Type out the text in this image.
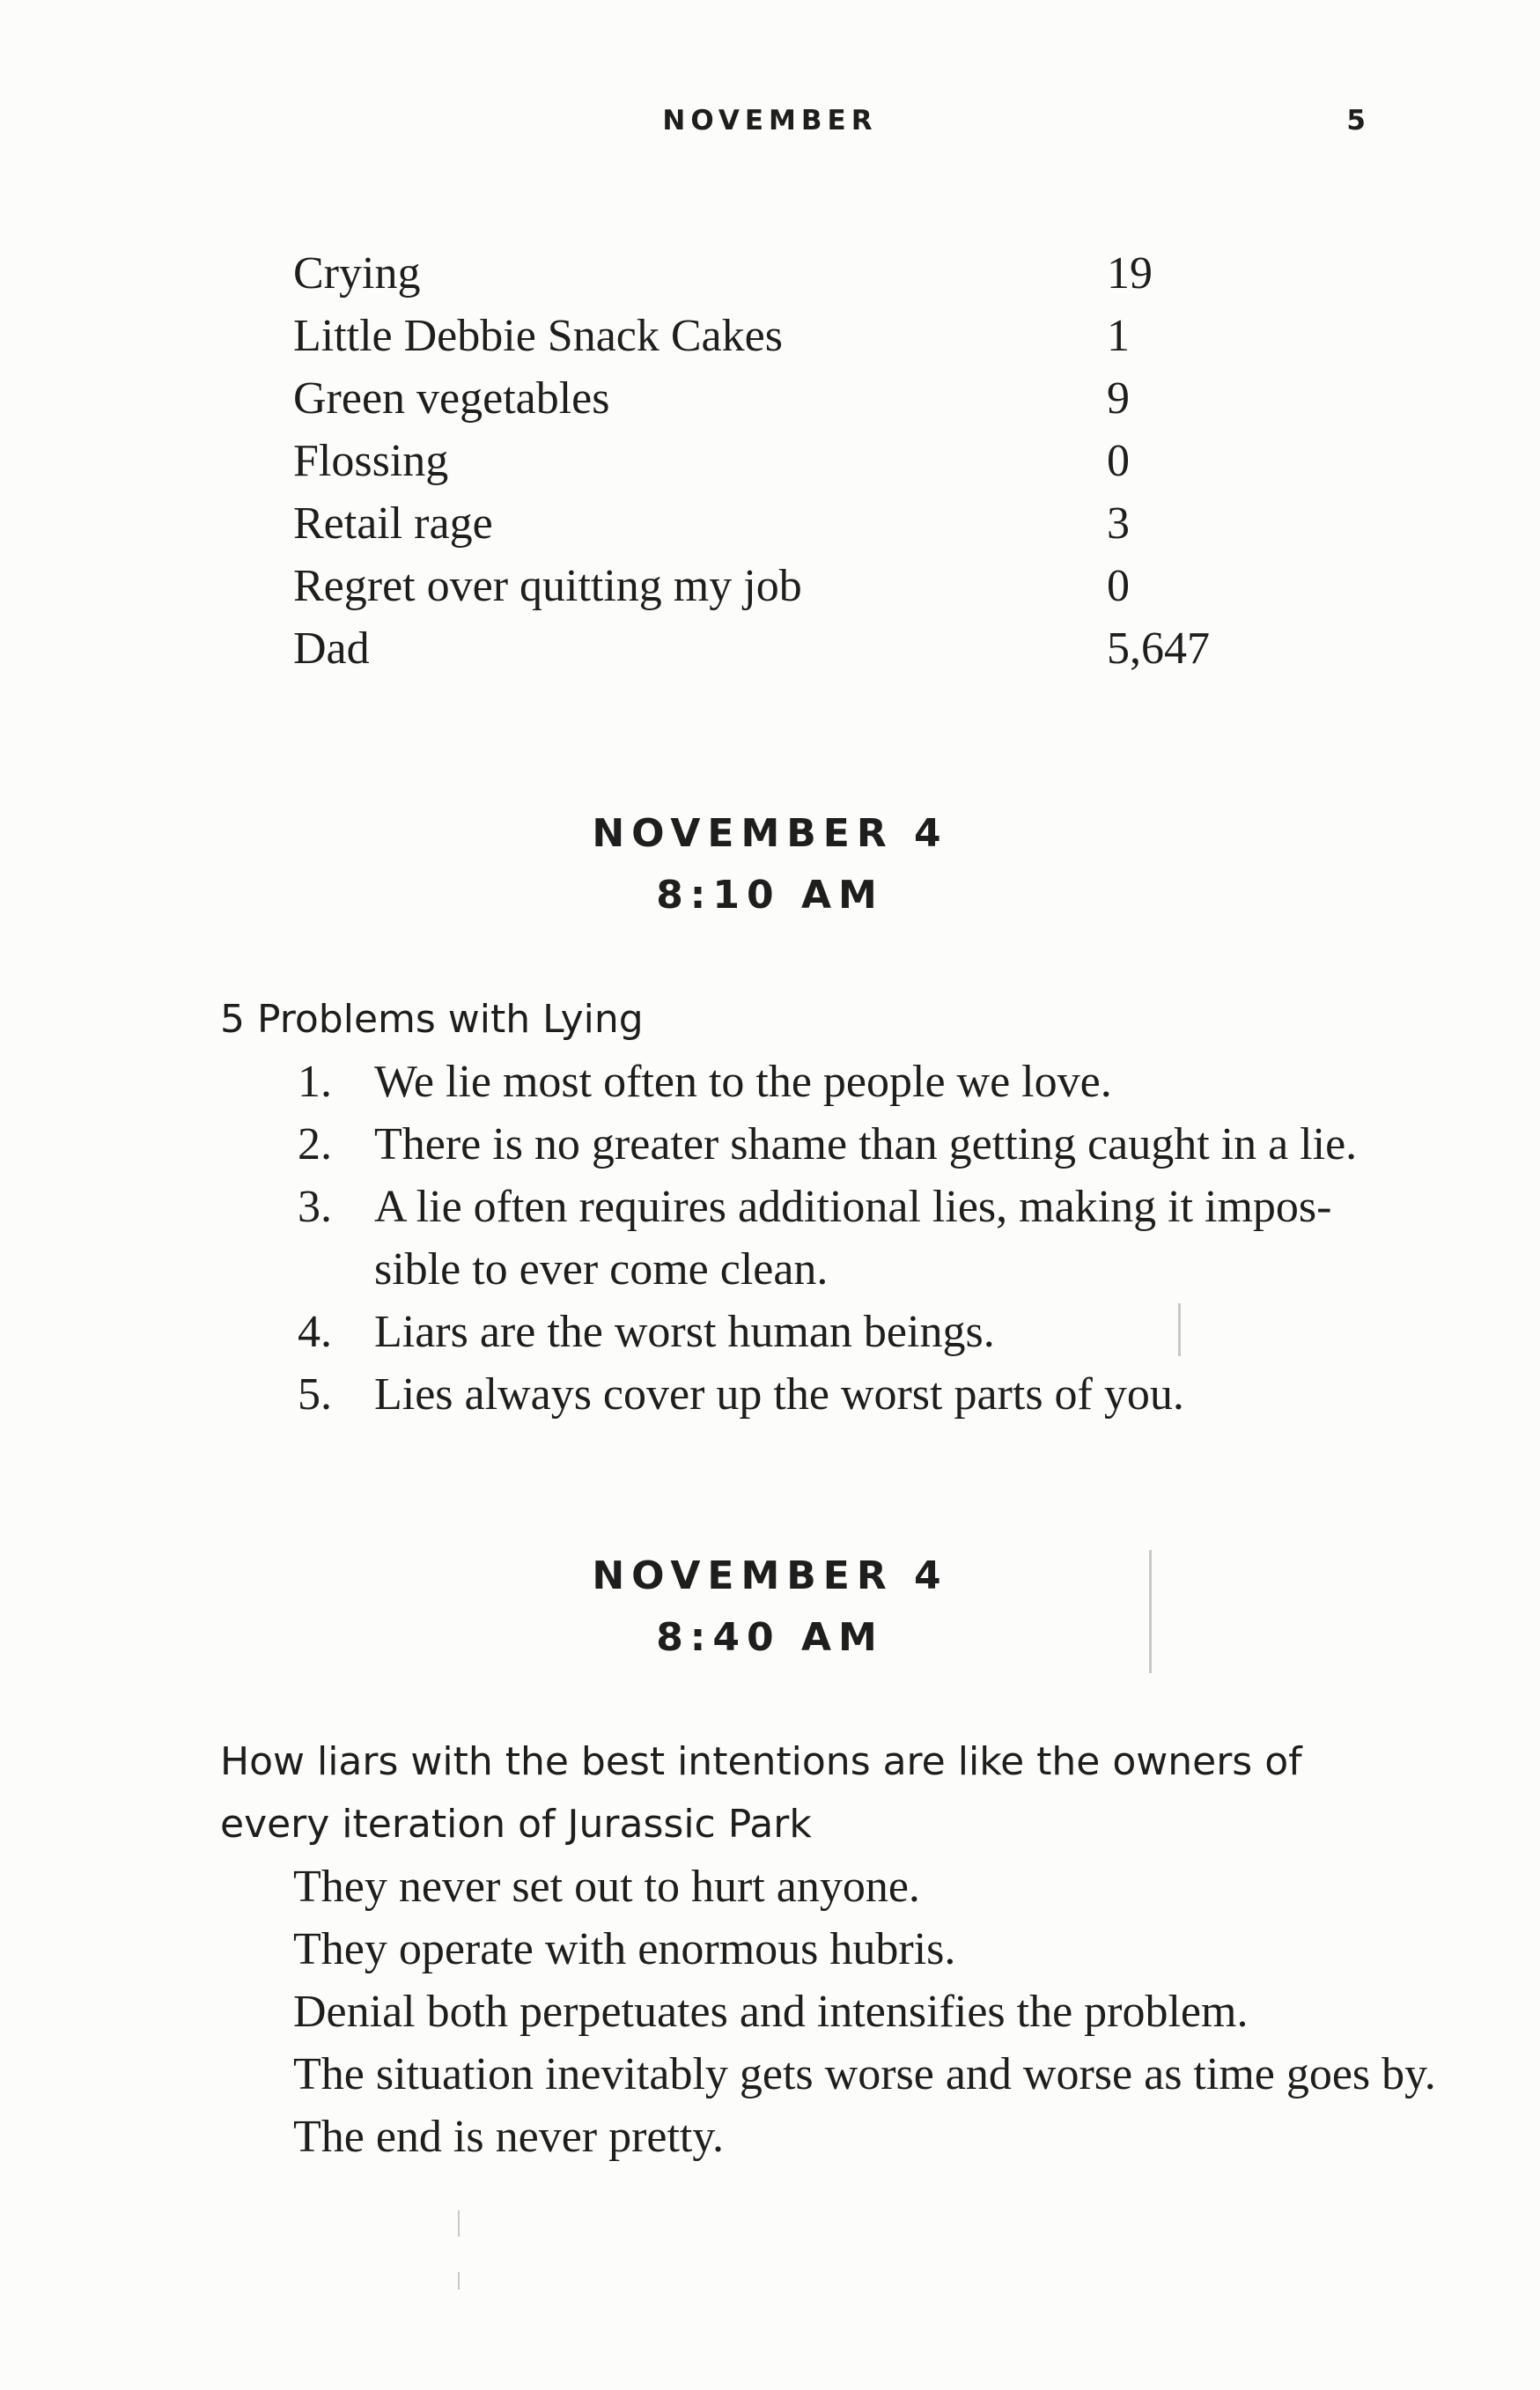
NOVEMBER	5
Crying	19
Little Debbie Snack Cakes	1
Green vegetables	9
Flossing	0
Retail rage	3
Regret over quitting my job	0
Dad	5,647
NOVEMBER 4
8:10 AM
5 Problems with Lying
1. We lie most often to the people we love.
2. There is no greater shame than getting caught in a lie.
3. A lie often requires additional lies, making it impos-sible to ever come clean.
4. Liars are the worst human beings.
5. Lies always cover up the worst parts of you.
NOVEMBER 4
8:40 AM
How liars with the best intentions are like the owners of every iteration of Jurassic Park
They never set out to hurt anyone.
They operate with enormous hubris.
Denial both perpetuates and intensifies the problem.
The situation inevitably gets worse and worse as time goes by.
The end is never pretty.
